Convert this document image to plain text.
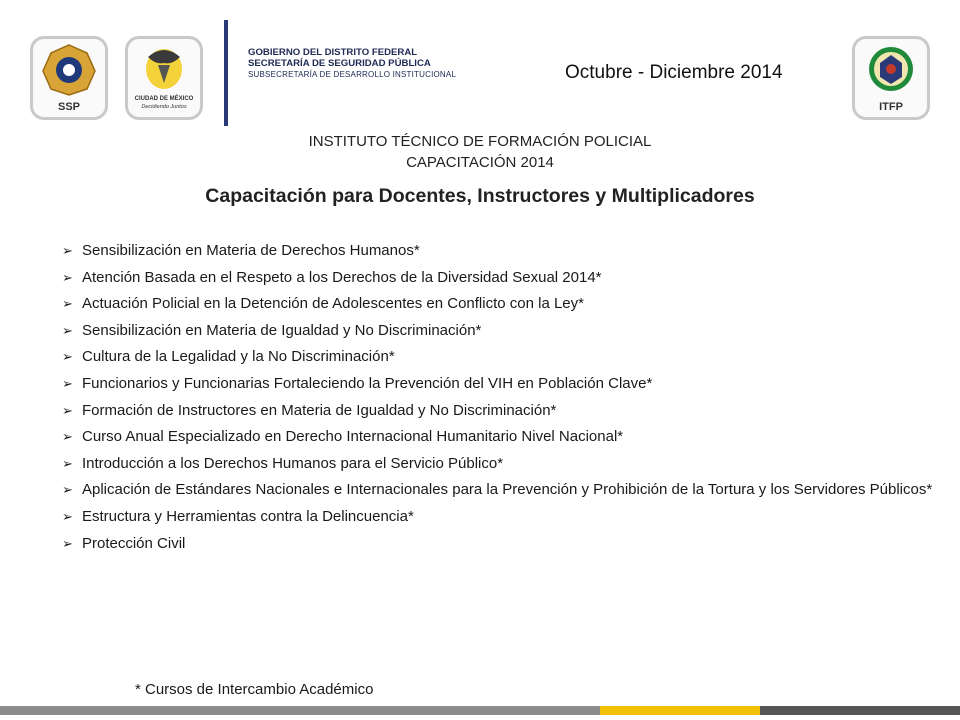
SSP
CIUDAD DE MÉXICO
Decidiendo Juntos
GOBIERNO DEL DISTRITO FEDERAL
SECRETARÍA DE SEGURIDAD PÚBLICA
SUBSECRETARÍA DE DESARROLLO INSTITUCIONAL	Octubre - Diciembre 2014
ITFP
INSTITUTO TÉCNICO DE FORMACIÓN POLICIAL
CAPACITACIÓN 2014
Capacitación para Docentes, Instructores y Multiplicadores
➢ Sensibilización en Materia de Derechos Humanos*
➢ Atención Basada en el Respeto a los Derechos de la Diversidad Sexual 2014*
➢ Actuación Policial en la Detención de Adolescentes en Conflicto con la Ley*
➢ Sensibilización en Materia de Igualdad y No Discriminación*
➢ Cultura de la Legalidad y la No Discriminación*
➢ Funcionarios y Funcionarias Fortaleciendo la Prevención del VIH en Población Clave*
➢ Formación de Instructores en Materia de Igualdad y No Discriminación*
➢ Curso Anual Especializado en Derecho Internacional Humanitario Nivel Nacional*
➢ Introducción a los Derechos Humanos para el Servicio Público*
➢ Aplicación de Estándares Nacionales e Internacionales para la Prevención y Prohibición de la Tortura y los Servidores Públicos*
➢ Estructura y Herramientas contra la Delincuencia*
➢ Protección Civil
* Cursos de Intercambio Académico
